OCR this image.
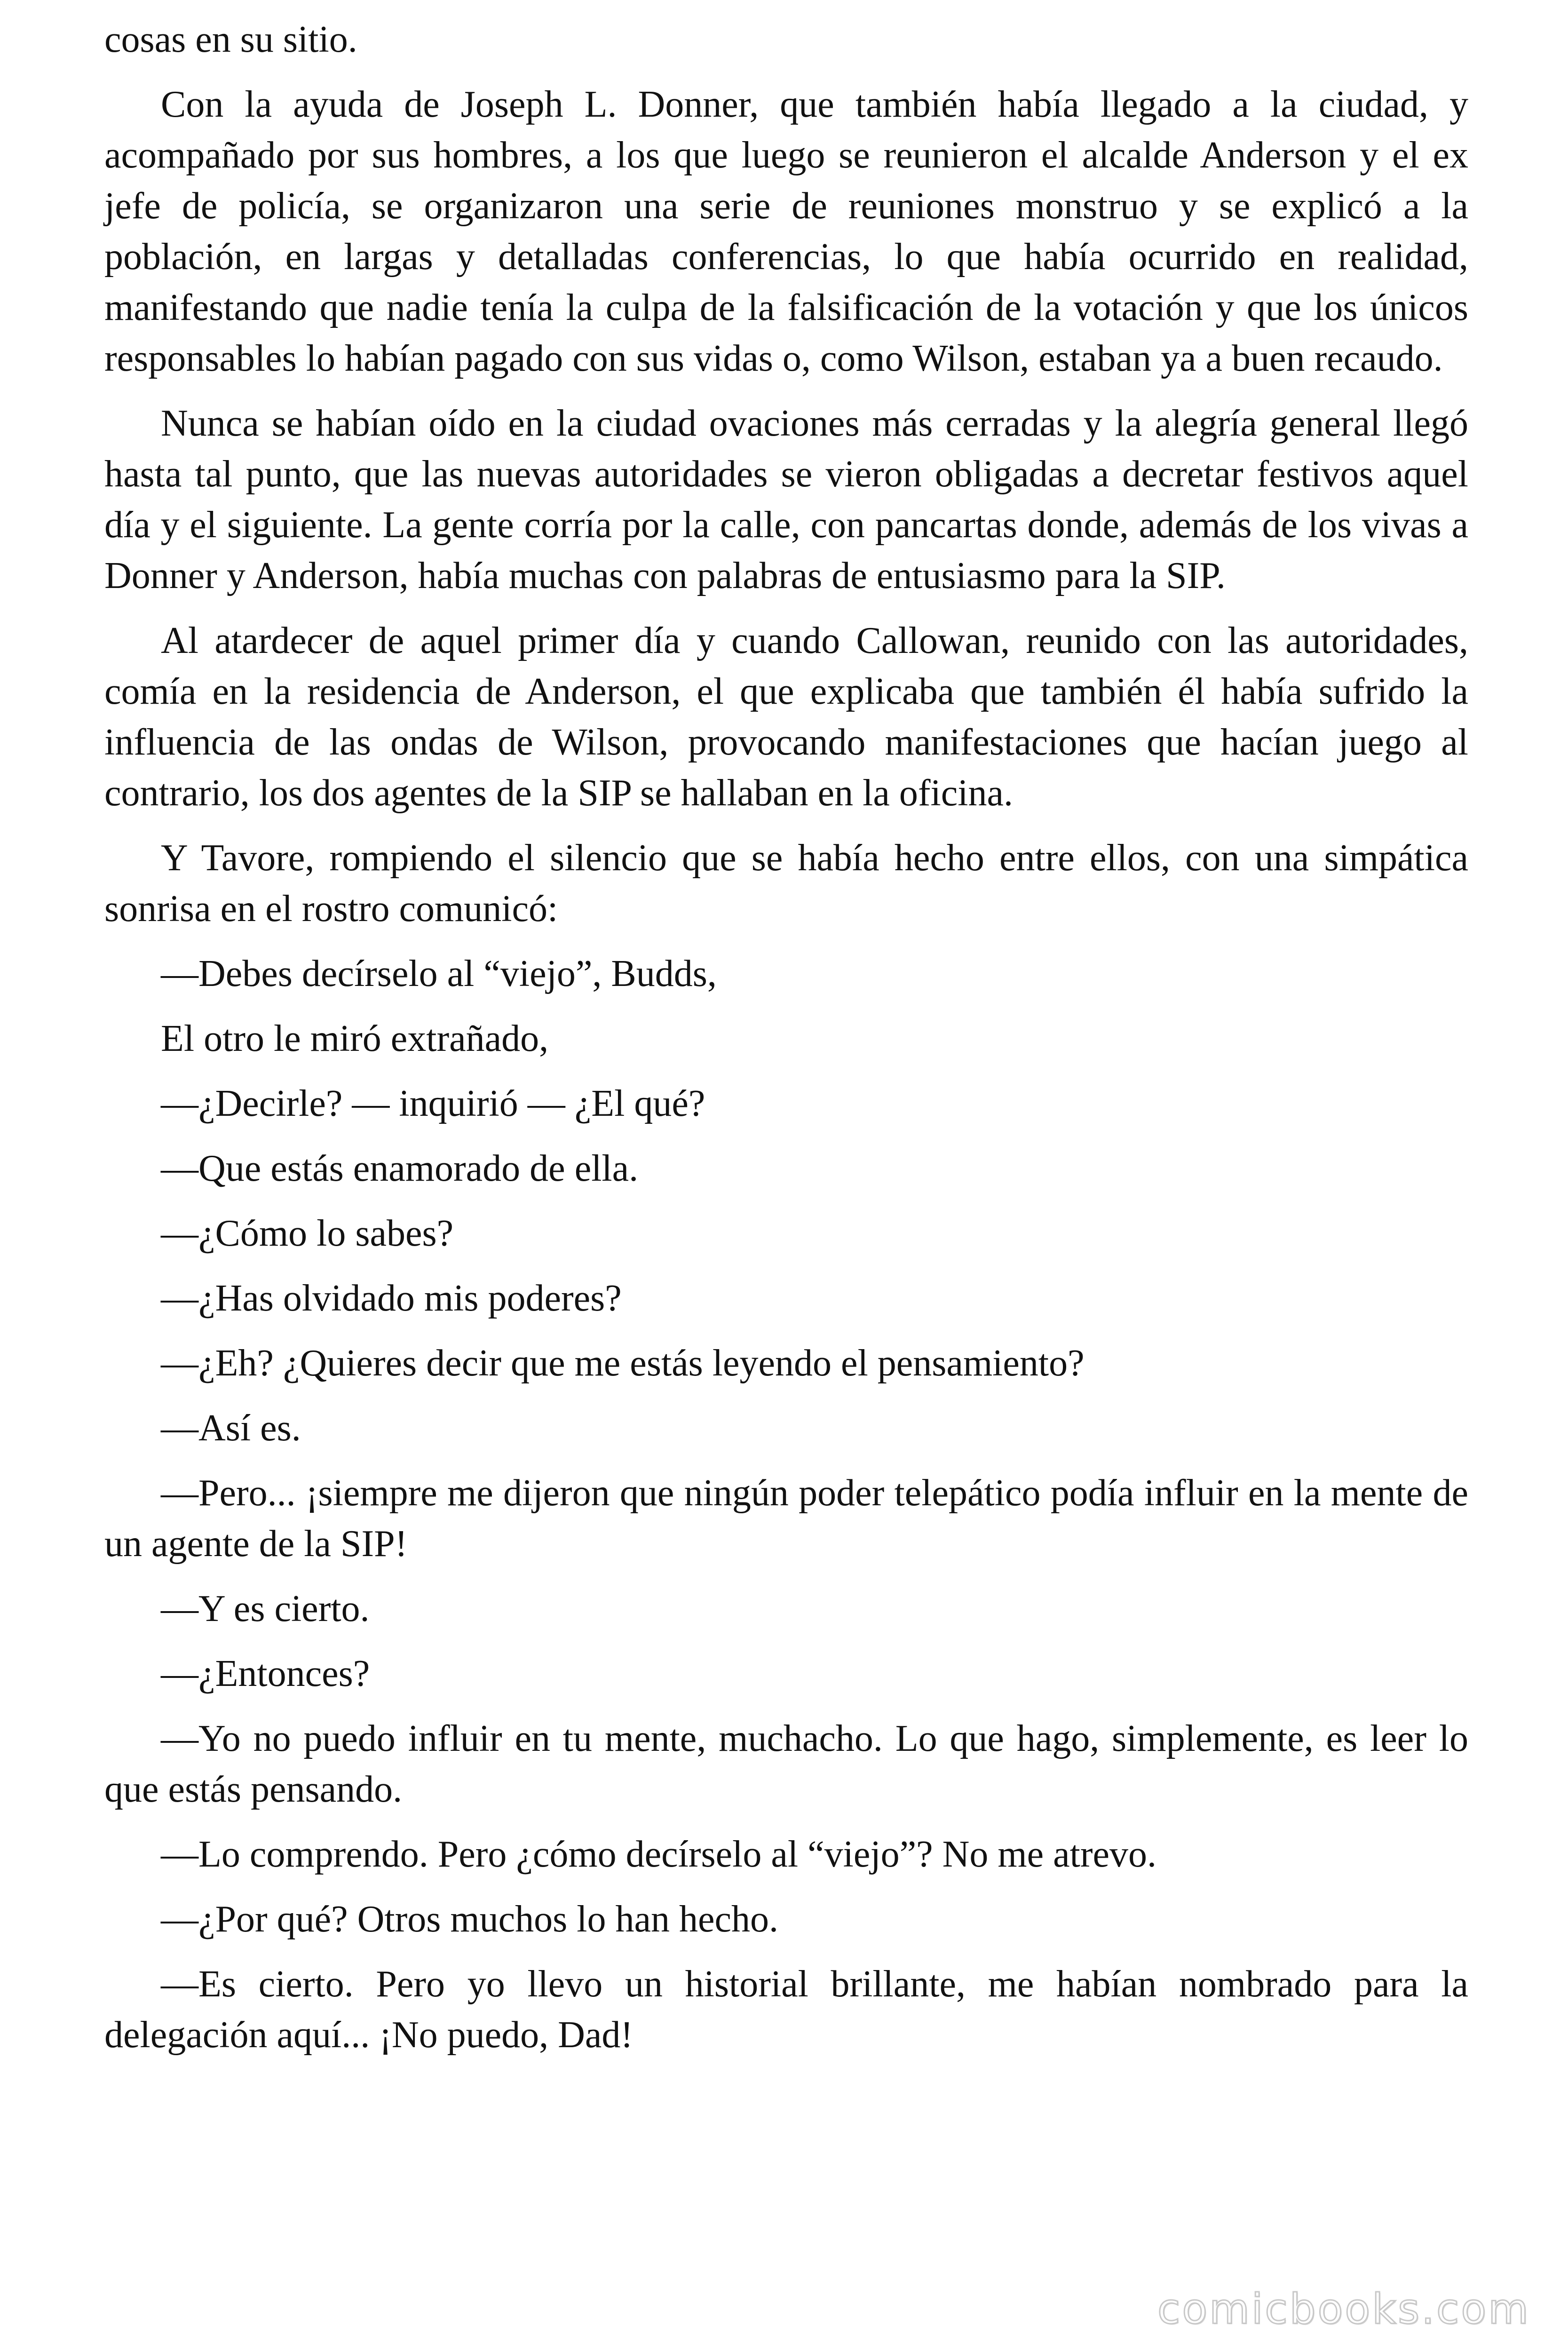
cosas en su sitio.

Con la ayuda de Joseph L. Donner, que también había llegado a la ciudad, y acompañado por sus hombres, a los que luego se reunieron el alcalde Anderson y el ex jefe de policía, se organizaron una serie de reuniones monstruo y se explicó a la población, en largas y detalladas conferencias, lo que había ocurrido en realidad, manifestando que nadie tenía la culpa de la falsificación de la votación y que los únicos responsables lo habían pagado con sus vidas o, como Wilson, estaban ya a buen recaudo.

Nunca se habían oído en la ciudad ovaciones más cerradas y la alegría general llegó hasta tal punto, que las nuevas autoridades se vieron obligadas a decretar festivos aquel día y el siguiente. La gente corría por la calle, con pancartas donde, además de los vivas a Donner y Anderson, había muchas con palabras de entusiasmo para la SIP.

Al atardecer de aquel primer día y cuando Callowan, reunido con las autoridades, comía en la residencia de Anderson, el que explicaba que también él había sufrido la influencia de las ondas de Wilson, provocando manifestaciones que hacían juego al contrario, los dos agentes de la SIP se hallaban en la oficina.

Y Tavore, rompiendo el silencio que se había hecho entre ellos, con una simpática sonrisa en el rostro comunicó:

—Debes decírselo al “viejo”, Budds,

El otro le miró extrañado,

—¿Decirle? — inquirió — ¿El qué?

—Que estás enamorado de ella.

—¿Cómo lo sabes?

—¿Has olvidado mis poderes?

—¿Eh? ¿Quieres decir que me estás leyendo el pensamiento?

—Así es.

—Pero... ¡siempre me dijeron que ningún poder telepático podía influir en la mente de un agente de la SIP!

—Y es cierto.

—¿Entonces?

—Yo no puedo influir en tu mente, muchacho. Lo que hago, simplemente, es leer lo que estás pensando.

—Lo comprendo. Pero ¿cómo decírselo al “viejo”? No me atrevo.

—¿Por qué? Otros muchos lo han hecho.

—Es cierto. Pero yo llevo un historial brillante, me habían nombrado para la delegación aquí... ¡No puedo, Dad!

comicbooks.com
